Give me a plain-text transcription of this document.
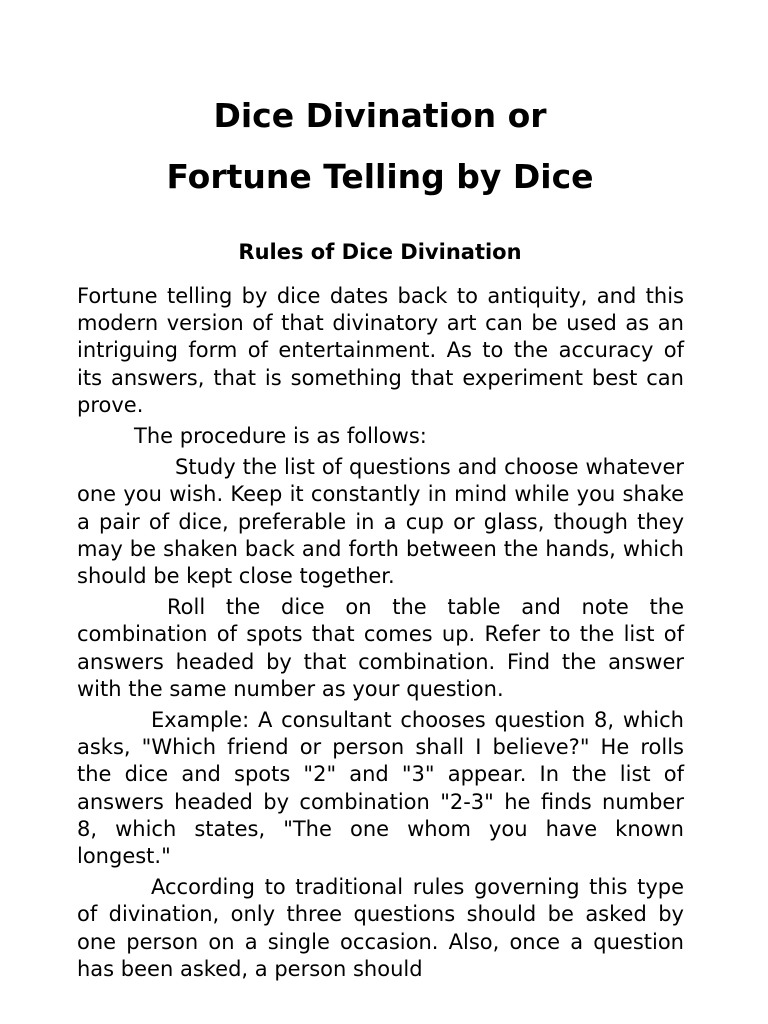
Dice Divination or
Fortune Telling by Dice
Rules of Dice Divination

Fortune telling by dice dates back to antiquity, and this modern version of that divinatory art can be used as an intriguing form of entertainment. As to the accuracy of its answers, that is something that experiment best can prove.

The procedure is as follows:

Study the list of questions and choose whatever one you wish. Keep it constantly in mind while you shake a pair of dice, preferable in a cup or glass, though they may be shaken back and forth between the hands, which should be kept close together.

Roll the dice on the table and note the combination of spots that comes up. Refer to the list of answers headed by that combination. Find the answer with the same number as your question.

Example: A consultant chooses question 8, which asks, "Which friend or person shall I believe?" He rolls the dice and spots "2" and "3" appear. In the list of answers headed by combination "2-3" he finds number 8, which states, "The one whom you have known longest."

According to traditional rules governing this type of divination, only three questions should be asked by one person on a single occasion. Also, once a question has been asked, a person should
